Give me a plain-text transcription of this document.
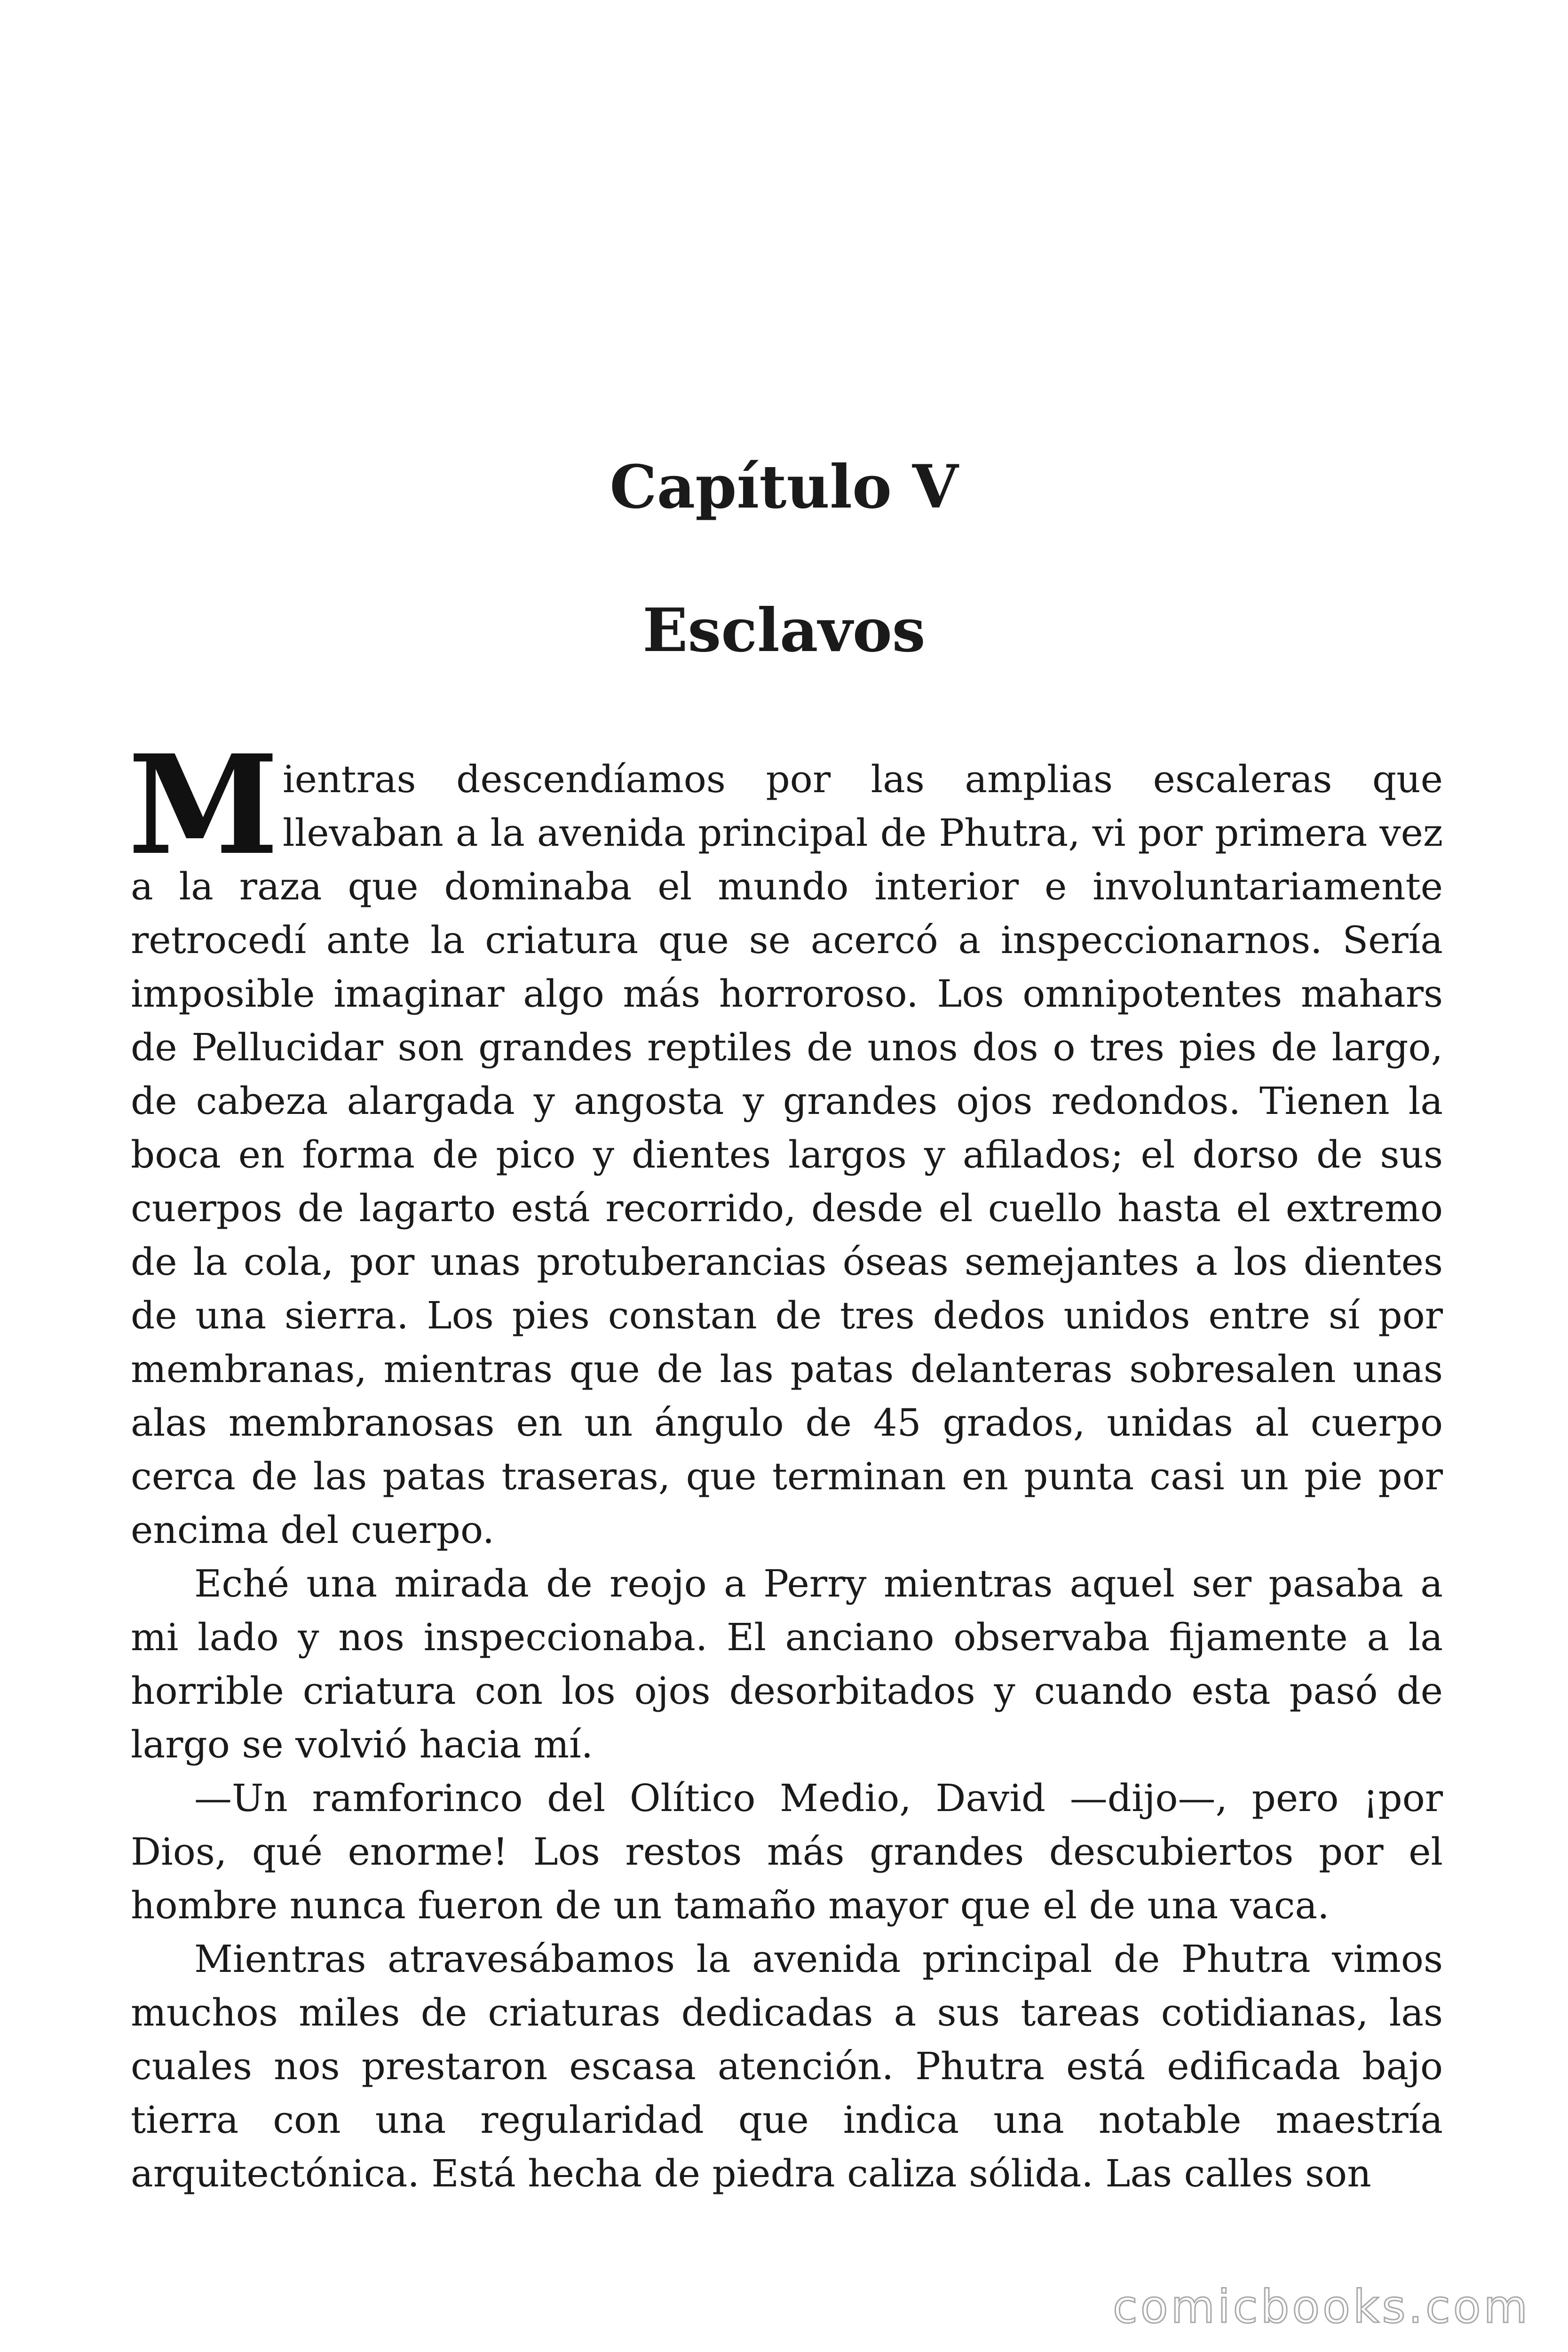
Capítulo V
Esclavos

Mientras descendíamos por las amplias escaleras que llevaban a la avenida principal de Phutra, vi por primera vez a la raza que dominaba el mundo interior e involuntariamente retrocedí ante la criatura que se acercó a inspeccionarnos. Sería imposible imaginar algo más horroroso. Los omnipotentes mahars de Pellucidar son grandes reptiles de unos dos o tres pies de largo, de cabeza alargada y angosta y grandes ojos redondos. Tienen la boca en forma de pico y dientes largos y afilados; el dorso de sus cuerpos de lagarto está recorrido, desde el cuello hasta el extremo de la cola, por unas protuberancias óseas semejantes a los dientes de una sierra. Los pies constan de tres dedos unidos entre sí por membranas, mientras que de las patas delanteras sobresalen unas alas membranosas en un ángulo de 45 grados, unidas al cuerpo cerca de las patas traseras, que terminan en punta casi un pie por encima del cuerpo.

Eché una mirada de reojo a Perry mientras aquel ser pasaba a mi lado y nos inspeccionaba. El anciano observaba fijamente a la horrible criatura con los ojos desorbitados y cuando esta pasó de largo se volvió hacia mí.

—Un ramforinco del Olítico Medio, David —dijo—, pero ¡por Dios, qué enorme! Los restos más grandes descubiertos por el hombre nunca fueron de un tamaño mayor que el de una vaca.

Mientras atravesábamos la avenida principal de Phutra vimos muchos miles de criaturas dedicadas a sus tareas cotidianas, las cuales nos prestaron escasa atención. Phutra está edificada bajo tierra con una regularidad que indica una notable maestría arquitectónica. Está hecha de piedra caliza sólida. Las calles son

comicbooks.com
